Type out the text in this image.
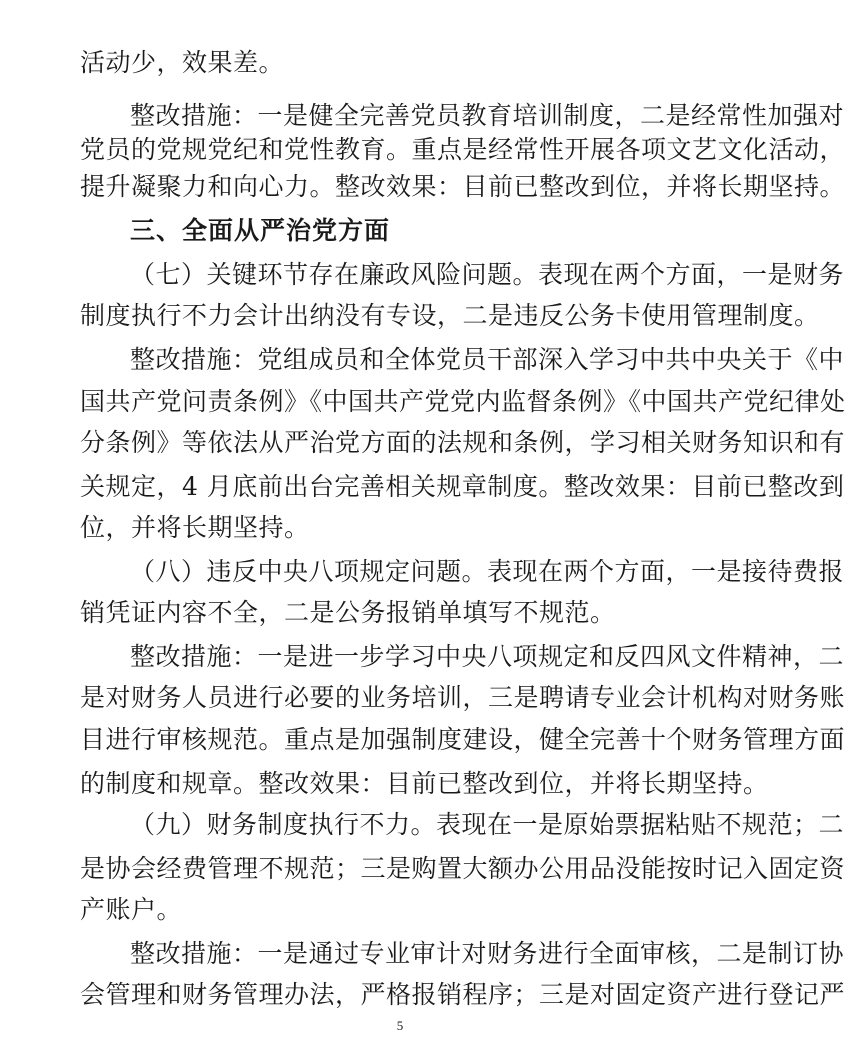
活动少，效果差。
整改措施：一是健全完善党员教育培训制度，二是经常性加强对
党员的党规党纪和党性教育。重点是经常性开展各项文艺文化活动，
提升凝聚力和向心力。整改效果：目前已整改到位，并将长期坚持。
三、全面从严治党方面
（七）关键环节存在廉政风险问题。表现在两个方面，一是财务
制度执行不力会计出纳没有专设，二是违反公务卡使用管理制度。
整改措施：党组成员和全体党员干部深入学习中共中央关于《中
国共产党问责条例》《中国共产党党内监督条例》《中国共产党纪律处
分条例》等依法从严治党方面的法规和条例，学习相关财务知识和有
关规定，4 月底前出台完善相关规章制度。整改效果：目前已整改到
位，并将长期坚持。
（八）违反中央八项规定问题。表现在两个方面，一是接待费报
销凭证内容不全，二是公务报销单填写不规范。
整改措施：一是进一步学习中央八项规定和反四风文件精神，二
是对财务人员进行必要的业务培训，三是聘请专业会计机构对财务账
目进行审核规范。重点是加强制度建设，健全完善十个财务管理方面
的制度和规章。整改效果：目前已整改到位，并将长期坚持。
（九）财务制度执行不力。表现在一是原始票据粘贴不规范；二
是协会经费管理不规范；三是购置大额办公用品没能按时记入固定资
产账户。
整改措施：一是通过专业审计对财务进行全面审核，二是制订协
会管理和财务管理办法，严格报销程序；三是对固定资产进行登记严
5
